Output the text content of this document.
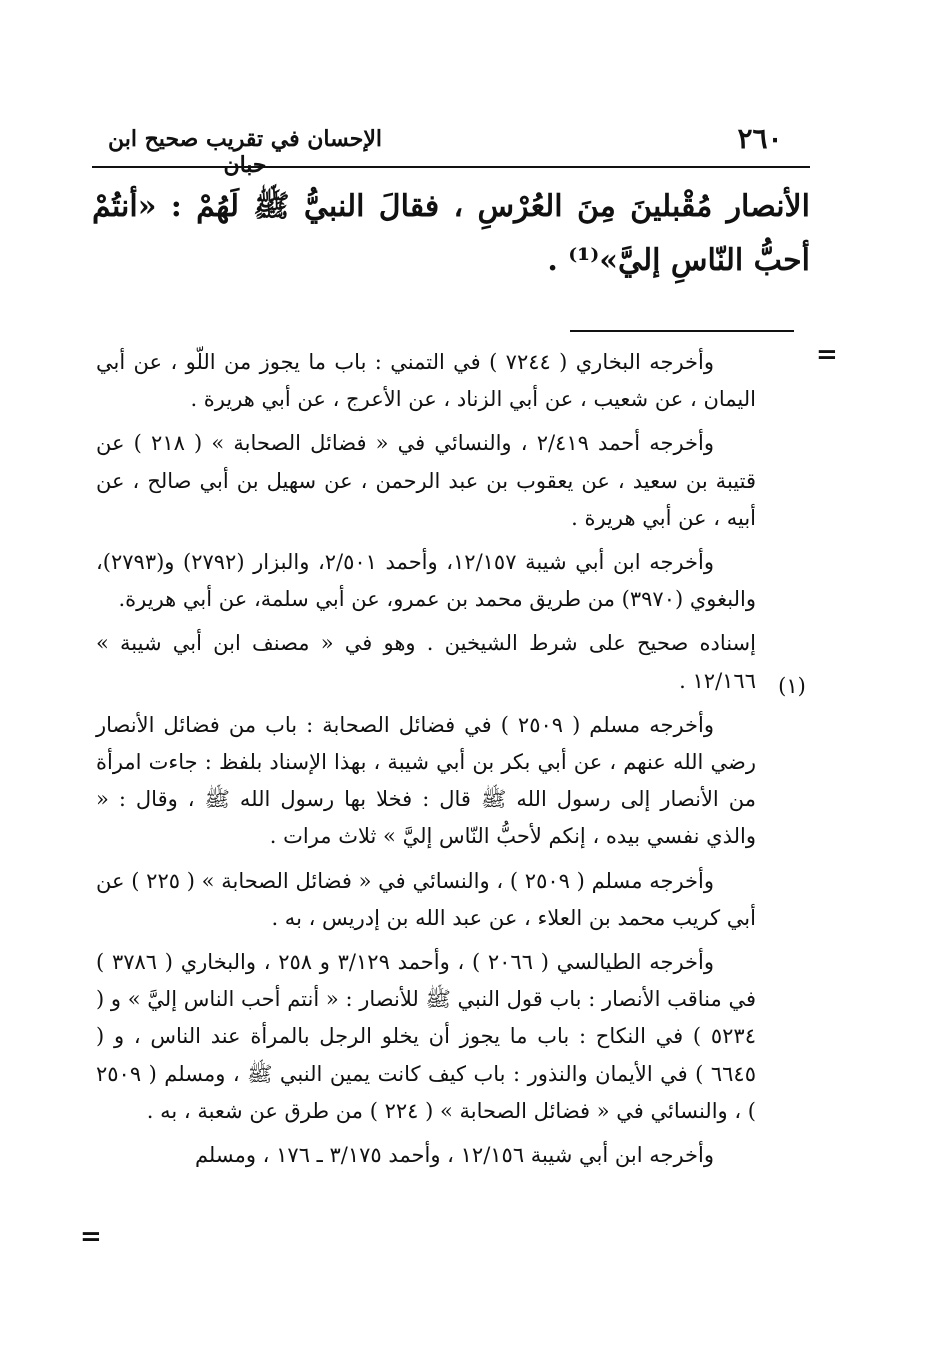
٢٦٠
الإحسان في تقريب صحيح ابن حبان
الأنصار مُقْبلينَ مِنَ العُرْسِ ، فقالَ النبيُّ ﷺ لَهُمْ : «أنتُمْ أحبُّ النّاسِ إليَّ»⁽¹⁾ .
=
(١)

وأخرجه البخاري ( ٧٢٤٤ ) في التمني : باب ما يجوز من اللّو ، عن أبي اليمان ، عن شعيب ، عن أبي الزناد ، عن الأعرج ، عن أبي هريرة .

وأخرجه أحمد ٢/٤١٩ ، والنسائي في « فضائل الصحابة » ( ٢١٨ ) عن قتيبة بن سعيد ، عن يعقوب بن عبد الرحمن ، عن سهيل بن أبي صالح ، عن أبيه ، عن أبي هريرة .

وأخرجه ابن أبي شيبة ١٢/١٥٧، وأحمد ٢/٥٠١، والبزار (٢٧٩٢) و(٢٧٩٣)، والبغوي (٣٩٧٠) من طريق محمد بن عمرو، عن أبي سلمة، عن أبي هريرة.

إسناده صحيح على شرط الشيخين . وهو في « مصنف ابن أبي شيبة » ١٢/١٦٦ .

وأخرجه مسلم ( ٢٥٠٩ ) في فضائل الصحابة : باب من فضائل الأنصار رضي الله عنهم ، عن أبي بكر بن أبي شيبة ، بهذا الإسناد بلفظ : جاءت امرأة من الأنصار إلى رسول الله ﷺ قال : فخلا بها رسول الله ﷺ ، وقال : « والذي نفسي بيده ، إنكم لأحبُّ النّاس إليَّ » ثلاث مرات .

وأخرجه مسلم ( ٢٥٠٩ ) ، والنسائي في « فضائل الصحابة » ( ٢٢٥ ) عن أبي كريب محمد بن العلاء ، عن عبد الله بن إدريس ، به .

وأخرجه الطيالسي ( ٢٠٦٦ ) ، وأحمد ٣/١٢٩ و ٢٥٨ ، والبخاري ( ٣٧٨٦ ) في مناقب الأنصار : باب قول النبي ﷺ للأنصار : « أنتم أحب الناس إليَّ » و ( ٥٢٣٤ ) في النكاح : باب ما يجوز أن يخلو الرجل بالمرأة عند الناس ، و ( ٦٦٤٥ ) في الأيمان والنذور : باب كيف كانت يمين النبي ﷺ ، ومسلم ( ٢٥٠٩ ) ، والنسائي في « فضائل الصحابة » ( ٢٢٤ ) من طرق عن شعبة ، به .

وأخرجه ابن أبي شيبة ١٢/١٥٦ ، وأحمد ٣/١٧٥ ـ ١٧٦ ، ومسلم

=
